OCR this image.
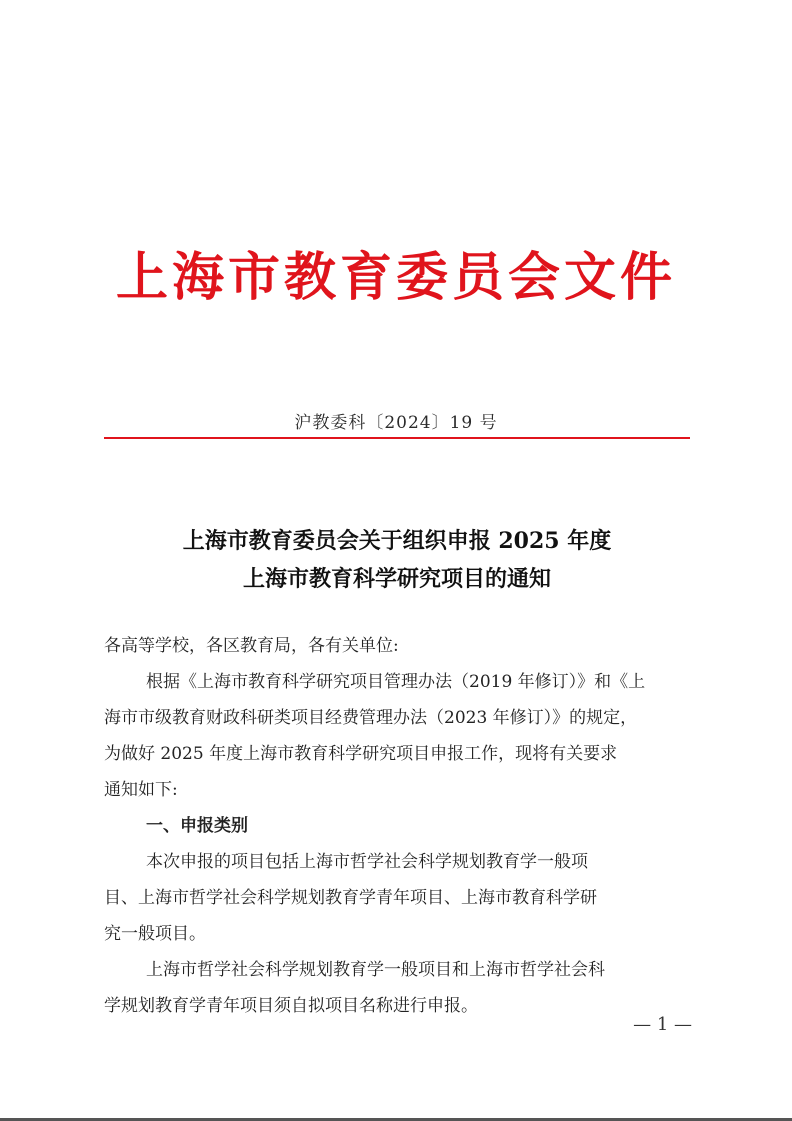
上海市教育委员会文件
沪教委科〔2024〕19 号
上海市教育委员会关于组织申报 2025 年度
上海市教育科学研究项目的通知
各高等学校，各区教育局，各有关单位:
根据《上海市教育科学研究项目管理办法（2019 年修订）》和《上
海市市级教育财政科研类项目经费管理办法（2023 年修订）》的规定，
为做好 2025 年度上海市教育科学研究项目申报工作，现将有关要求
通知如下:
一、申报类别
本次申报的项目包括上海市哲学社会科学规划教育学一般项
目、上海市哲学社会科学规划教育学青年项目、上海市教育科学研
究一般项目。
上海市哲学社会科学规划教育学一般项目和上海市哲学社会科
学规划教育学青年项目须自拟项目名称进行申报。
— 1 —
